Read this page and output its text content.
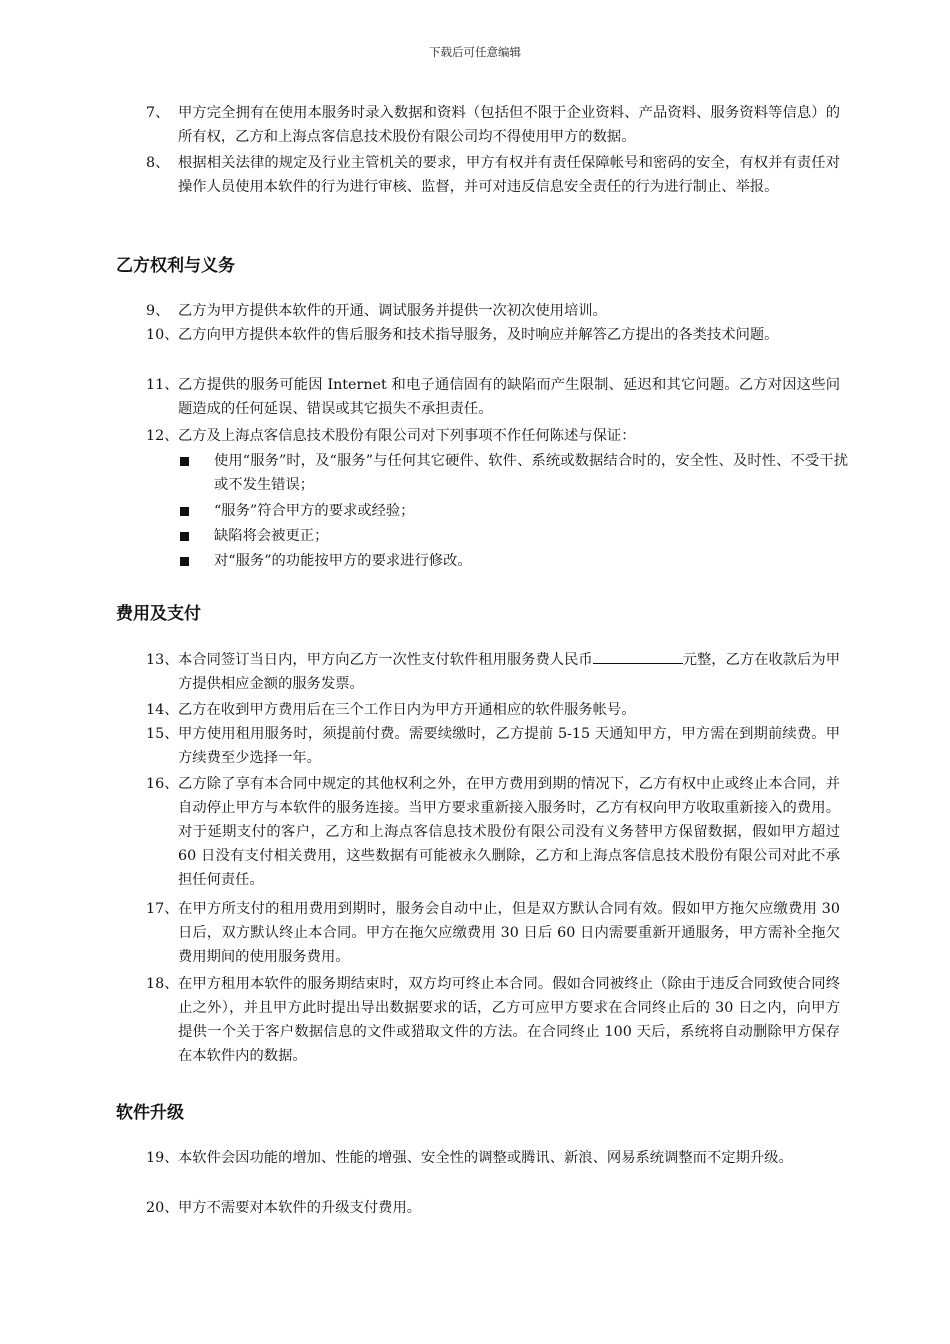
下载后可任意编辑
7、 甲方完全拥有在使用本服务时录入数据和资料（包括但不限于企业资料、产品资料、服务资料等信息）的所有权，乙方和上海点客信息技术股份有限公司均不得使用甲方的数据。
8、 根据相关法律的规定及行业主管机关的要求，甲方有权并有责任保障帐号和密码的安全，有权并有责任对操作人员使用本软件的行为进行审核、监督，并可对违反信息安全责任的行为进行制止、举报。
乙方权利与义务
9、 乙方为甲方提供本软件的开通、调试服务并提供一次初次使用培训。
10、 乙方向甲方提供本软件的售后服务和技术指导服务，及时响应并解答乙方提出的各类技术问题。
11、 乙方提供的服务可能因 Internet 和电子通信固有的缺陷而产生限制、延迟和其它问题。乙方对因这些问题造成的任何延误、错误或其它损失不承担责任。
12、 乙方及上海点客信息技术股份有限公司对下列事项不作任何陈述与保证：
使用“服务”时，及“服务”与任何其它硬件、软件、系统或数据结合时的，安全性、及时性、不受干扰或不发生错误；
“服务”符合甲方的要求或经验；
缺陷将会被更正；
对“服务”的功能按甲方的要求进行修改。
费用及支付
13、 本合同签订当日内，甲方向乙方一次性支付软件租用服务费人民币	元整，乙方在收款后为甲方提供相应金额的服务发票。
14、 乙方在收到甲方费用后在三个工作日内为甲方开通相应的软件服务帐号。
15、 甲方使用租用服务时，须提前付费。需要续缴时，乙方提前 5-15 天通知甲方，甲方需在到期前续费。甲方续费至少选择一年。
16、 乙方除了享有本合同中规定的其他权利之外，在甲方费用到期的情况下，乙方有权中止或终止本合同，并自动停止甲方与本软件的服务连接。当甲方要求重新接入服务时，乙方有权向甲方收取重新接入的费用。对于延期支付的客户，乙方和上海点客信息技术股份有限公司没有义务替甲方保留数据，假如甲方超过 60 日没有支付相关费用，这些数据有可能被永久删除，乙方和上海点客信息技术股份有限公司对此不承担任何责任。
17、 在甲方所支付的租用费用到期时，服务会自动中止，但是双方默认合同有效。假如甲方拖欠应缴费用 30 日后，双方默认终止本合同。甲方在拖欠应缴费用 30 日后 60 日内需要重新开通服务，甲方需补全拖欠费用期间的使用服务费用。
18、 在甲方租用本软件的服务期结束时，双方均可终止本合同。假如合同被终止（除由于违反合同致使合同终止之外），并且甲方此时提出导出数据要求的话，乙方可应甲方要求在合同终止后的 30 日之内，向甲方提供一个关于客户数据信息的文件或猎取文件的方法。在合同终止 100 天后，系统将自动删除甲方保存在本软件内的数据。
软件升级
19、 本软件会因功能的增加、性能的增强、安全性的调整或腾讯、新浪、网易系统调整而不定期升级。
20、 甲方不需要对本软件的升级支付费用。
